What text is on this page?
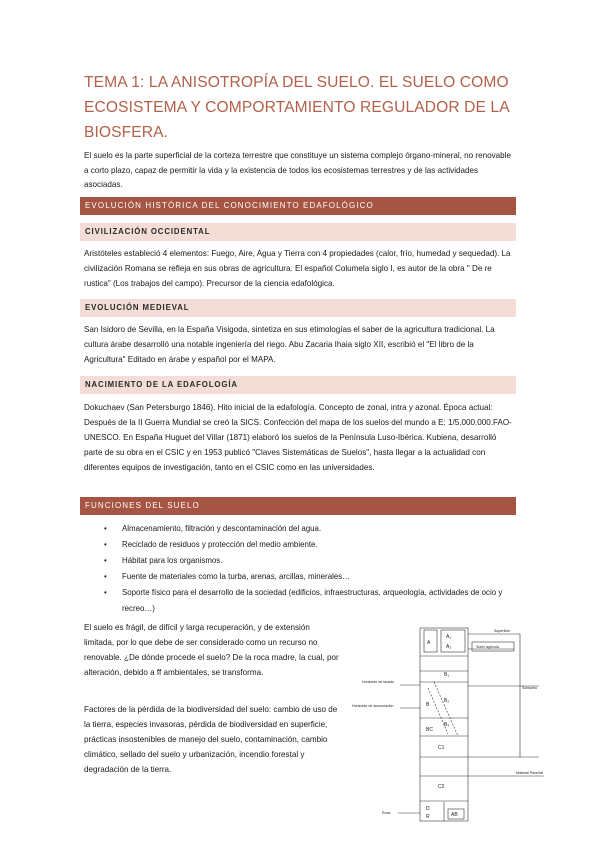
TEMA 1: LA ANISOTROPÍA DEL SUELO. EL SUELO COMO ECOSISTEMA Y COMPORTAMIENTO REGULADOR DE LA BIOSFERA.
El suelo es la parte superficial de la corteza terrestre que constituye un sistema complejo órgano-mineral, no renovable a corto plazo, capaz de permitir la vida y la existencia de todos los ecosistemas terrestres y de las actividades asociadas.
EVOLUCIÓN HISTÓRICA DEL CONOCIMIENTO EDAFOLÓGICO
CIVILIZACIÓN OCCIDENTAL
Aristóteles estableció 4 elementos: Fuego, Aire, Agua y Tierra con 4 propiedades (calor, frío, humedad y sequedad). La civilización Romana se refleja en sus obras de agricultura. El español Columela siglo I, es autor de la obra " De re rustica" (Los trabajos del campo). Precursor de la ciencia edafológica.
EVOLUCIÓN MEDIEVAL
San Isidoro de Sevilla, en la España Visigoda, sintetiza en sus etimologías el saber de la agricultura tradicional. La cultura árabe desarrolló una notable ingeniería del riego. Abu Zacaria Ihaia siglo XII, escribió el "El libro de la Agricultura" Editado en árabe y español por el MAPA.
NACIMIENTO DE LA EDAFOLOGÍA
Dokuchaev (San Petersburgo 1846). Hito inicial de la edafología. Concepto de zonal, intra y azonal. Época actual: Después de la II Guerra Mundial se creó la SICS. Confección del mapa de los suelos del mundo a E: 1/5.000.000.FAO-UNESCO. En España Huguet del Villar (1871) elaboró los suelos de la Península Luso-Ibérica. Kubiena, desarrolló parte de su obra en el CSIC y en 1953 publicó "Claves Sistemáticas de Suelos", hasta llegar a la actualidad con diferentes equipos de investigación, tanto en el CSIC como en las universidades.
FUNCIONES DEL SUELO
• Almacenamiento, filtración y descontaminación del agua.
• Reciclado de residuos y protección del medio ambiente.
• Hábitat para los organismos.
• Fuente de materiales como la turba, arenas, arcillas, minerales…
• Soporte físico para el desarrollo de la sociedad (edificios, infraestructuras, arqueología, actividades de ocio y recreo…)
El suelo es frágil, de difícil y larga recuperación, y de extensión limitada, por lo que debe de ser considerado como un recurso no renovable. ¿De dónde procede el suelo? De la roca madre, la cual, por alteración, debido a ff ambientales, se transforma.
Factores de la pérdida de la biodiversidad del suelo: cambio de uso de la tierra, especies invasoras, pérdida de biodiversidad en superficie, prácticas insostenibles de manejo del suelo, contaminación, cambio climático, sellado del suelo y urbanización, incendio forestal y degradación de la tierra.
A₁
A₂
A
B₁
B
B₂
B₃
BC
C1
C2
D
R	AB
Superficie
Suelo agricola
Horizonte de lavado
Horizonte de acumulación
Subsuelo
Material Parental
Roca
